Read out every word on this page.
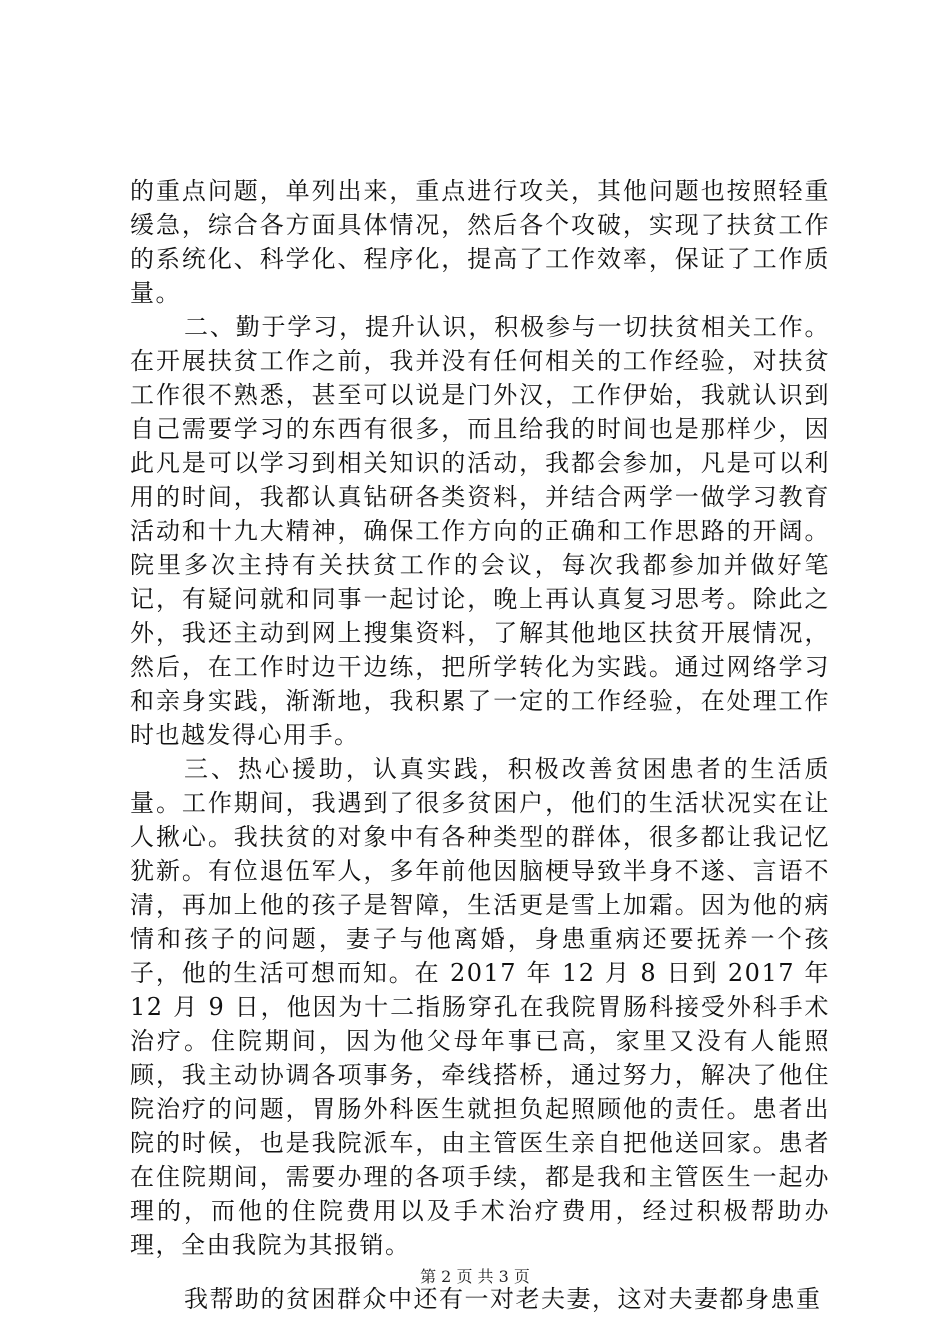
的重点问题，单列出来，重点进行攻关，其他问题也按照轻重缓急，综合各方面具体情况，然后各个攻破，实现了扶贫工作的系统化、科学化、程序化，提高了工作效率，保证了工作质量。

二、勤于学习，提升认识，积极参与一切扶贫相关工作。在开展扶贫工作之前，我并没有任何相关的工作经验，对扶贫工作很不熟悉，甚至可以说是门外汉，工作伊始，我就认识到自己需要学习的东西有很多，而且给我的时间也是那样少，因此凡是可以学习到相关知识的活动，我都会参加，凡是可以利用的时间，我都认真钻研各类资料，并结合两学一做学习教育活动和十九大精神，确保工作方向的正确和工作思路的开阔。院里多次主持有关扶贫工作的会议，每次我都参加并做好笔记，有疑问就和同事一起讨论，晚上再认真复习思考。除此之外，我还主动到网上搜集资料，了解其他地区扶贫开展情况，然后，在工作时边干边练，把所学转化为实践。通过网络学习和亲身实践，渐渐地，我积累了一定的工作经验，在处理工作时也越发得心用手。

三、热心援助，认真实践，积极改善贫困患者的生活质量。工作期间，我遇到了很多贫困户，他们的生活状况实在让人揪心。我扶贫的对象中有各种类型的群体，很多都让我记忆犹新。有位退伍军人，多年前他因脑梗导致半身不遂、言语不清，再加上他的孩子是智障，生活更是雪上加霜。因为他的病情和孩子的问题，妻子与他离婚，身患重病还要抚养一个孩子，他的生活可想而知。在 2017 年 12 月 8 日到 2017 年 12 月 9 日，他因为十二指肠穿孔在我院胃肠科接受外科手术治疗。住院期间，因为他父母年事已高，家里又没有人能照顾，我主动协调各项事务，牵线搭桥，通过努力，解决了他住院治疗的问题，胃肠外科医生就担负起照顾他的责任。患者出院的时候，也是我院派车，由主管医生亲自把他送回家。患者在住院期间，需要办理的各项手续，都是我和主管医生一起办理的，而他的住院费用以及手术治疗费用，经过积极帮助办理，全由我院为其报销。

我帮助的贫困群众中还有一对老夫妻，这对夫妻都身患重

第 2 页 共 3 页
